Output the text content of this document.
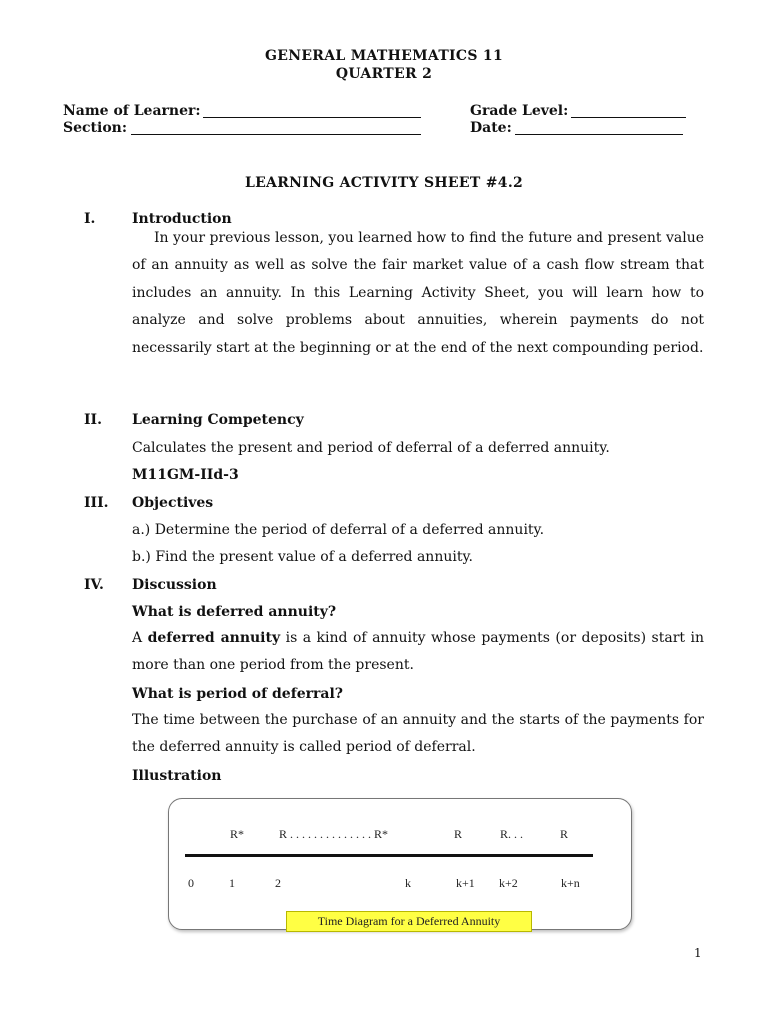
GENERAL MATHEMATICS 11
QUARTER 2
Name of Learner:	Grade Level:
Section:	Date:
LEARNING ACTIVITY SHEET #4.2
I.	Introduction
In your previous lesson, you learned how to find the future and present value of an annuity as well as solve the fair market value of a cash flow stream that includes an annuity. In this Learning Activity Sheet, you will learn how to analyze and solve problems about annuities, wherein payments do not necessarily start at the beginning or at the end of the next compounding period.
II. Learning Competency
Calculates the present and period of deferral of a deferred annuity.
M11GM-IId-3
III. Objectives
a.) Determine the period of deferral of a deferred annuity.
b.) Find the present value of a deferred annuity.
IV. Discussion
What is deferred annuity?
A deferred annuity is a kind of annuity whose payments (or deposits) start in more than one period from the present.
What is period of deferral?
The time between the purchase of an annuity and the starts of the payments for the deferred annuity is called period of deferral.
Illustration
R*	R . . . . . . . . . . . . . . R*	R	R. . .	R
0	1	2	k	k+1 k+2	k+n
Time Diagram for a Deferred Annuity
1
